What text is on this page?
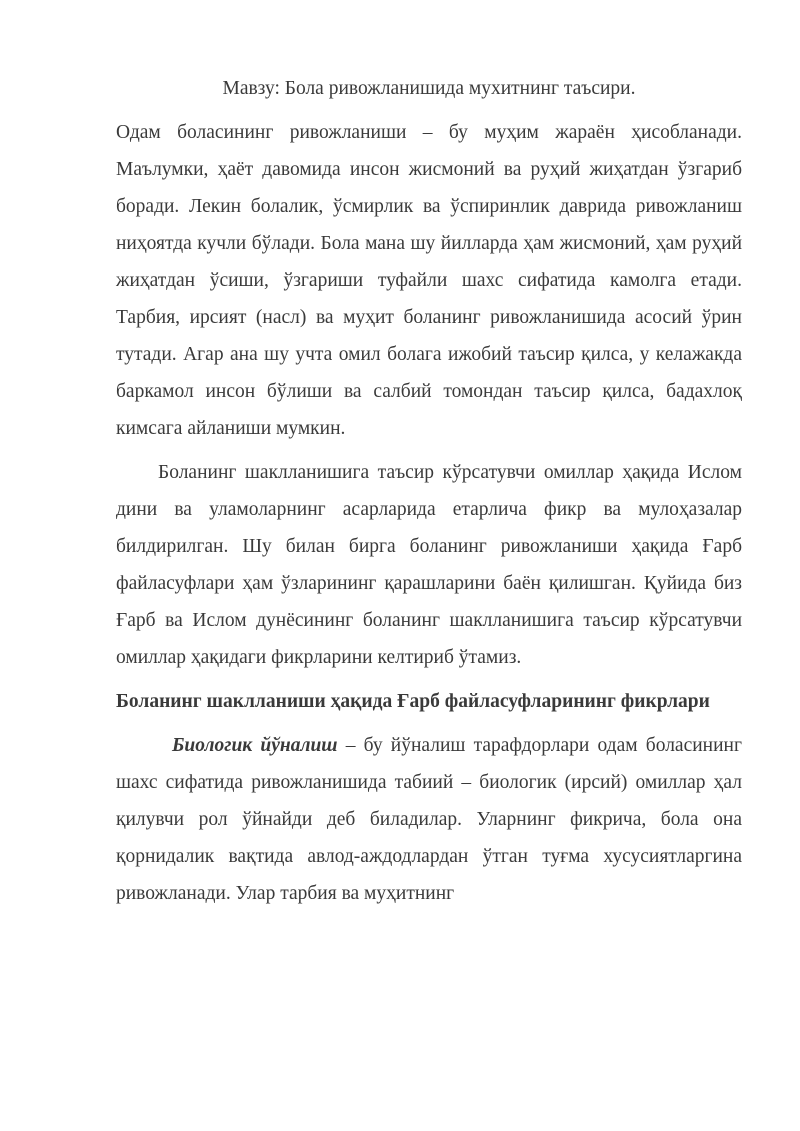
Мавзу: Бола ривожланишида мухитнинг таъсири.

Одам боласининг ривожланиши – бу муҳим жараён ҳисобланади. Маълумки, ҳаёт давомида инсон жисмоний ва руҳий жиҳатдан ўзгариб боради. Лекин болалик, ўсмирлик ва ўспиринлик даврида ривожланиш ниҳоятда кучли бўлади. Бола мана шу йилларда ҳам жисмоний, ҳам руҳий жиҳатдан ўсиши, ўзгариши туфайли шахс сифатида камолга етади. Тарбия, ирсият (насл) ва муҳит боланинг ривожланишида асосий ўрин тутади. Агар ана шу учта омил болага ижобий таъсир қилса, у келажакда баркамол инсон бўлиши ва салбий томондан таъсир қилса, бадахлоқ кимсага айланиши мумкин.

Боланинг шаклланишига таъсир кўрсатувчи омиллар ҳақида Ислом дини ва уламоларнинг асарларида етарлича фикр ва мулоҳазалар билдирилган. Шу билан бирга боланинг ривожланиши ҳақида Ғарб файласуфлари ҳам ўзларининг қарашларини баён қилишган. Қуйида биз Ғарб ва Ислом дунёсининг боланинг шаклланишига таъсир кўрсатувчи омиллар ҳақидаги фикрларини келтириб ўтамиз.

Боланинг шаклланиши ҳақида Ғарб файласуфларининг фикрлари

Биологик йўналиш – бу йўналиш тарафдорлари одам боласининг шахс сифатида ривожланишида табиий – биологик (ирсий) омиллар ҳал қилувчи рол ўйнайди деб биладилар. Уларнинг фикрича, бола она қорнидалик вақтида авлод-аждодлардан ўтган туғма хусусиятларгина ривожланади. Улар тарбия ва муҳитнинг
